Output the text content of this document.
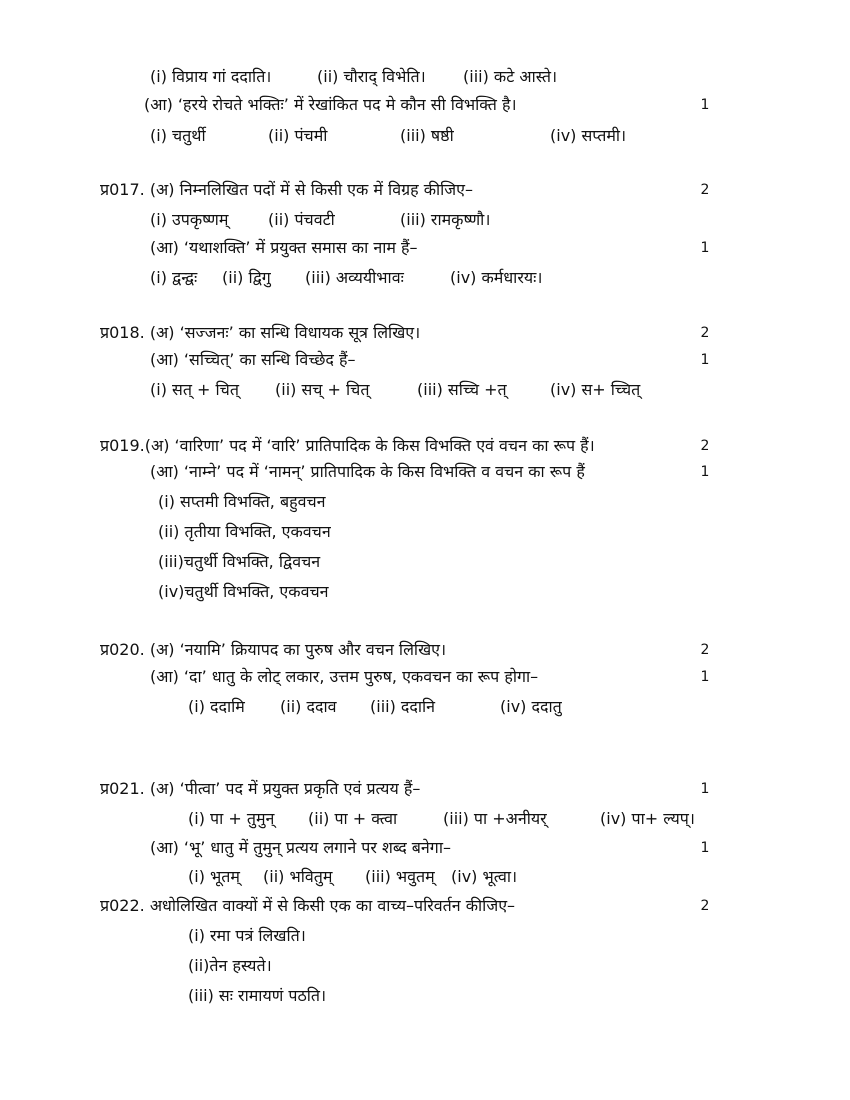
(i) विप्राय गां ददाति।	(ii) चौराद् विभेति। (iii) कटे आस्ते।
(आ) ‘हरये रोचते भक्तिः’ में रेखांकित पद मे कौन सी विभक्ति है।	1
(i) चतुर्थी	(ii) पंचमी	(iii) षष्ठी	(iv) सप्तमी।
प्र017. (अ) निम्नलिखित पदों में से किसी एक में विग्रह कीजिए–	2
(i) उपकृष्णम् (ii) पंचवटी	(iii) रामकृष्णौ।
(आ) ‘यथाशक्ति’ में प्रयुक्त समास का नाम हैं–	1
(i) द्वन्द्वः (ii) द्विगु (iii) अव्ययीभावः	(iv) कर्मधारयः।
प्र018. (अ) ‘सज्जनः’ का सन्धि विधायक सूत्र लिखिए।	2
(आ) ‘सच्चित्’ का सन्धि विच्छेद हैं–	1
(i) सत् + चित् (ii) सच् + चित्	(iii) सच्चि +त्	(iv) स+ च्चित्
प्र019.(अ) ‘वारिणा’ पद में ‘वारि’ प्रातिपादिक के किस विभक्ति एवं वचन का रूप हैं।	2
(आ) ‘नाम्ने’ पद में ‘नामन्’ प्रातिपादिक के किस विभक्ति व वचन का रूप हैं	1
(i) सप्तमी विभक्ति, बहुवचन
(ii) तृतीया विभक्ति, एकवचन
(iii)चतुर्थी विभक्ति, द्विवचन
(iv)चतुर्थी विभक्ति, एकवचन
प्र020. (अ) ‘नयामि’ क्रियापद का पुरुष और वचन लिखिए।	2
(आ) ‘दा’ धातु के लोट् लकार, उत्तम पुरुष, एकवचन का रूप होगा–	1
(i) ददामि (ii) ददाव (iii) ददानि	(iv) ददातु
प्र021. (अ) ‘पीत्वा’ पद में प्रयुक्त प्रकृति एवं प्रत्यय हैं–	1
(i) पा + तुमुन् (ii) पा + क्त्वा	(iii) पा +अनीयर्	(iv) पा+ ल्यप्।
(आ) ‘भू’ धातु में तुमुन् प्रत्यय लगाने पर शब्द बनेगा–	1
(i) भूतम् (ii) भवितुम् (iii) भवुतम् (iv) भूत्वा।
प्र022. अधोलिखित वाक्यों में से किसी एक का वाच्य–परिवर्तन कीजिए–	2
(i) रमा पत्रं लिखति।
(ii)तेन हस्यते।
(iii) सः रामायणं पठति।
